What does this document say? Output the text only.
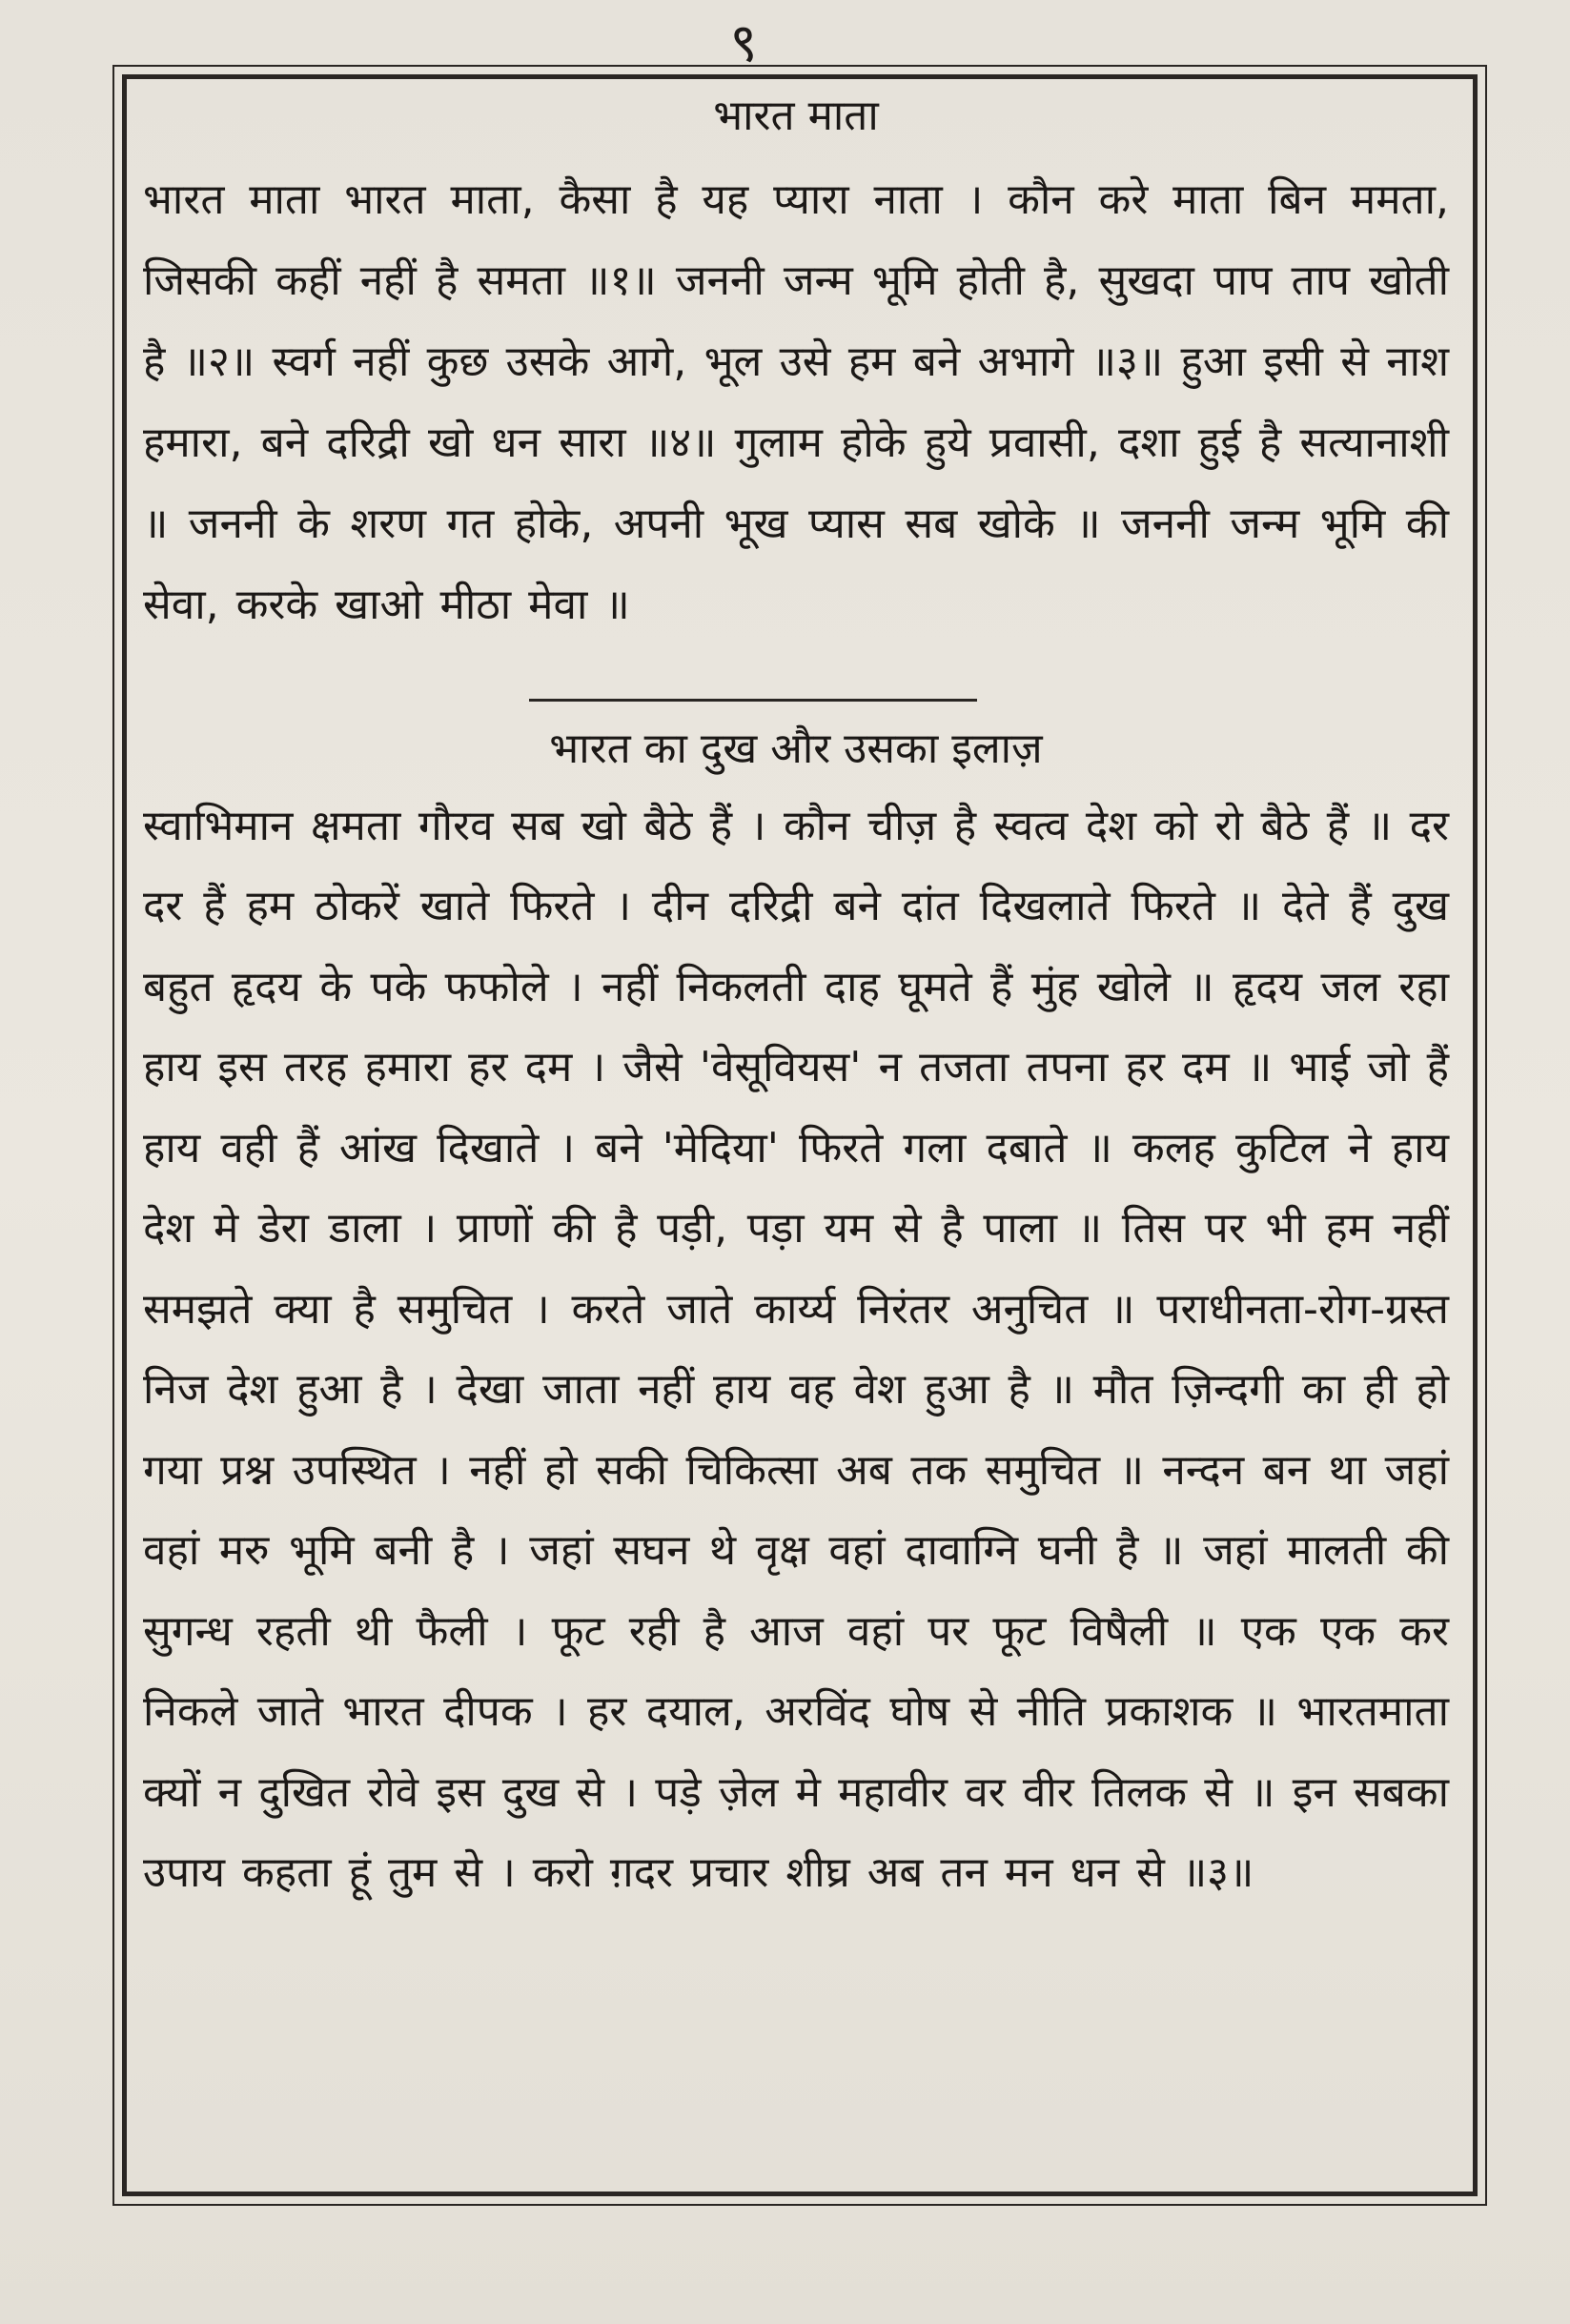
९
भारत माता

भारत माता भारत माता, कैसा है यह प्यारा नाता । कौन करे माता बिन ममता, जिसकी कहीं नहीं है समता ॥१॥ जननी जन्म भूमि होती है, सुखदा पाप ताप खोती है ॥२॥ स्वर्ग नहीं कुछ उसके आगे, भूल उसे हम बने अभागे ॥३॥ हुआ इसी से नाश हमारा, बने दरिद्री खो धन सारा ॥४॥ गुलाम होके हुये प्रवासी, दशा हुई है सत्यानाशी ॥ जननी के शरण गत होके, अपनी भूख प्यास सब खोके ॥ जननी जन्म भूमि की सेवा, करके खाओ मीठा मेवा ॥

भारत का दुख और उसका इलाज़

स्वाभिमान क्षमता गौरव सब खो बैठे हैं । कौन चीज़ है स्वत्व देश को रो बैठे हैं ॥ दर दर हैं हम ठोकरें खाते फिरते । दीन दरिद्री बने दांत दिखलाते फिरते ॥ देते हैं दुख बहुत हृदय के पके फफोले । नहीं निकलती दाह घूमते हैं मुंह खोले ॥ हृदय जल रहा हाय इस तरह हमारा हर दम । जैसे 'वेसूवियस' न तजता तपना हर दम ॥ भाई जो हैं हाय वही हैं आंख दिखाते । बने 'मेदिया' फिरते गला दबाते ॥ कलह कुटिल ने हाय देश मे डेरा डाला । प्राणों की है पड़ी, पड़ा यम से है पाला ॥ तिस पर भी हम नहीं समझते क्या है समुचित । करते जाते कार्य्य निरंतर अनुचित ॥ पराधीनता-रोग-ग्रस्त निज देश हुआ है । देखा जाता नहीं हाय वह वेश हुआ है ॥ मौत ज़िन्दगी का ही हो गया प्रश्न उपस्थित । नहीं हो सकी चिकित्सा अब तक समुचित ॥ नन्दन बन था जहां वहां मरु भूमि बनी है । जहां सघन थे वृक्ष वहां दावाग्नि घनी है ॥ जहां मालती की सुगन्ध रहती थी फैली । फूट रही है आज वहां पर फूट विषैली ॥ एक एक कर निकले जाते भारत दीपक । हर दयाल, अरविंद घोष से नीति प्रकाशक ॥ भारतमाता क्यों न दुखित रोवे इस दुख से । पड़े ज़ेल मे महावीर वर वीर तिलक से ॥ इन सबका उपाय कहता हूं तुम से । करो ग़दर प्रचार शीघ्र अब तन मन धन से ॥३॥
